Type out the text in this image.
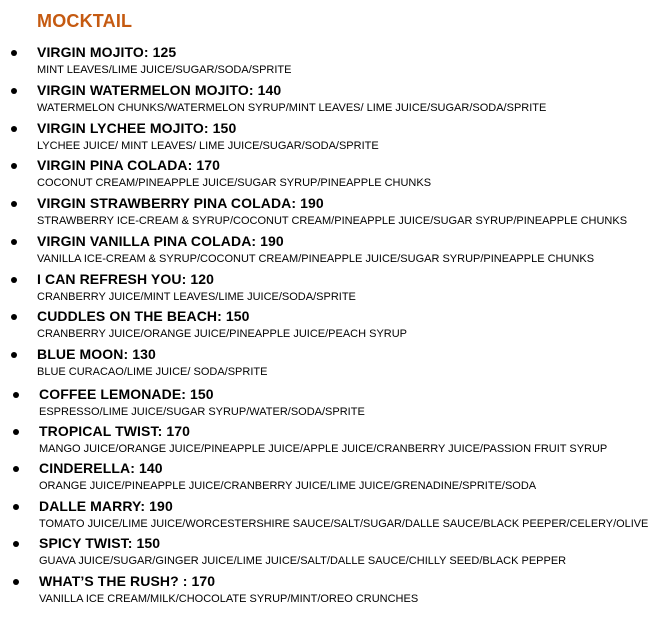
MOCKTAIL
VIRGIN MOJITO: 125
MINT LEAVES/LIME JUICE/SUGAR/SODA/SPRITE
VIRGIN WATERMELON MOJITO: 140
WATERMELON CHUNKS/WATERMELON SYRUP/MINT LEAVES/ LIME JUICE/SUGAR/SODA/SPRITE
VIRGIN LYCHEE MOJITO: 150
LYCHEE JUICE/ MINT LEAVES/ LIME JUICE/SUGAR/SODA/SPRITE
VIRGIN PINA COLADA: 170
COCONUT CREAM/PINEAPPLE JUICE/SUGAR SYRUP/PINEAPPLE CHUNKS
VIRGIN STRAWBERRY PINA COLADA: 190
STRAWBERRY ICE-CREAM & SYRUP/COCONUT CREAM/PINEAPPLE JUICE/SUGAR SYRUP/PINEAPPLE CHUNKS
VIRGIN VANILLA PINA COLADA: 190
VANILLA ICE-CREAM & SYRUP/COCONUT CREAM/PINEAPPLE JUICE/SUGAR SYRUP/PINEAPPLE CHUNKS
I CAN REFRESH YOU: 120
CRANBERRY JUICE/MINT LEAVES/LIME JUICE/SODA/SPRITE
CUDDLES ON THE BEACH: 150
CRANBERRY JUICE/ORANGE JUICE/PINEAPPLE JUICE/PEACH SYRUP
BLUE MOON: 130
BLUE CURACAO/LIME JUICE/ SODA/SPRITE
COFFEE LEMONADE: 150
ESPRESSO/LIME JUICE/SUGAR SYRUP/WATER/SODA/SPRITE
TROPICAL TWIST: 170
MANGO JUICE/ORANGE JUICE/PINEAPPLE JUICE/APPLE JUICE/CRANBERRY JUICE/PASSION FRUIT SYRUP
CINDERELLA: 140
ORANGE JUICE/PINEAPPLE JUICE/CRANBERRY JUICE/LIME JUICE/GRENADINE/SPRITE/SODA
DALLE MARRY: 190
TOMATO JUICE/LIME JUICE/WORCESTERSHIRE SAUCE/SALT/SUGAR/DALLE SAUCE/BLACK PEEPER/CELERY/OLIVE
SPICY TWIST: 150
GUAVA JUICE/SUGAR/GINGER JUICE/LIME JUICE/SALT/DALLE SAUCE/CHILLY SEED/BLACK PEPPER
WHAT’S THE RUSH? : 170
VANILLA ICE CREAM/MILK/CHOCOLATE SYRUP/MINT/OREO CRUNCHES
